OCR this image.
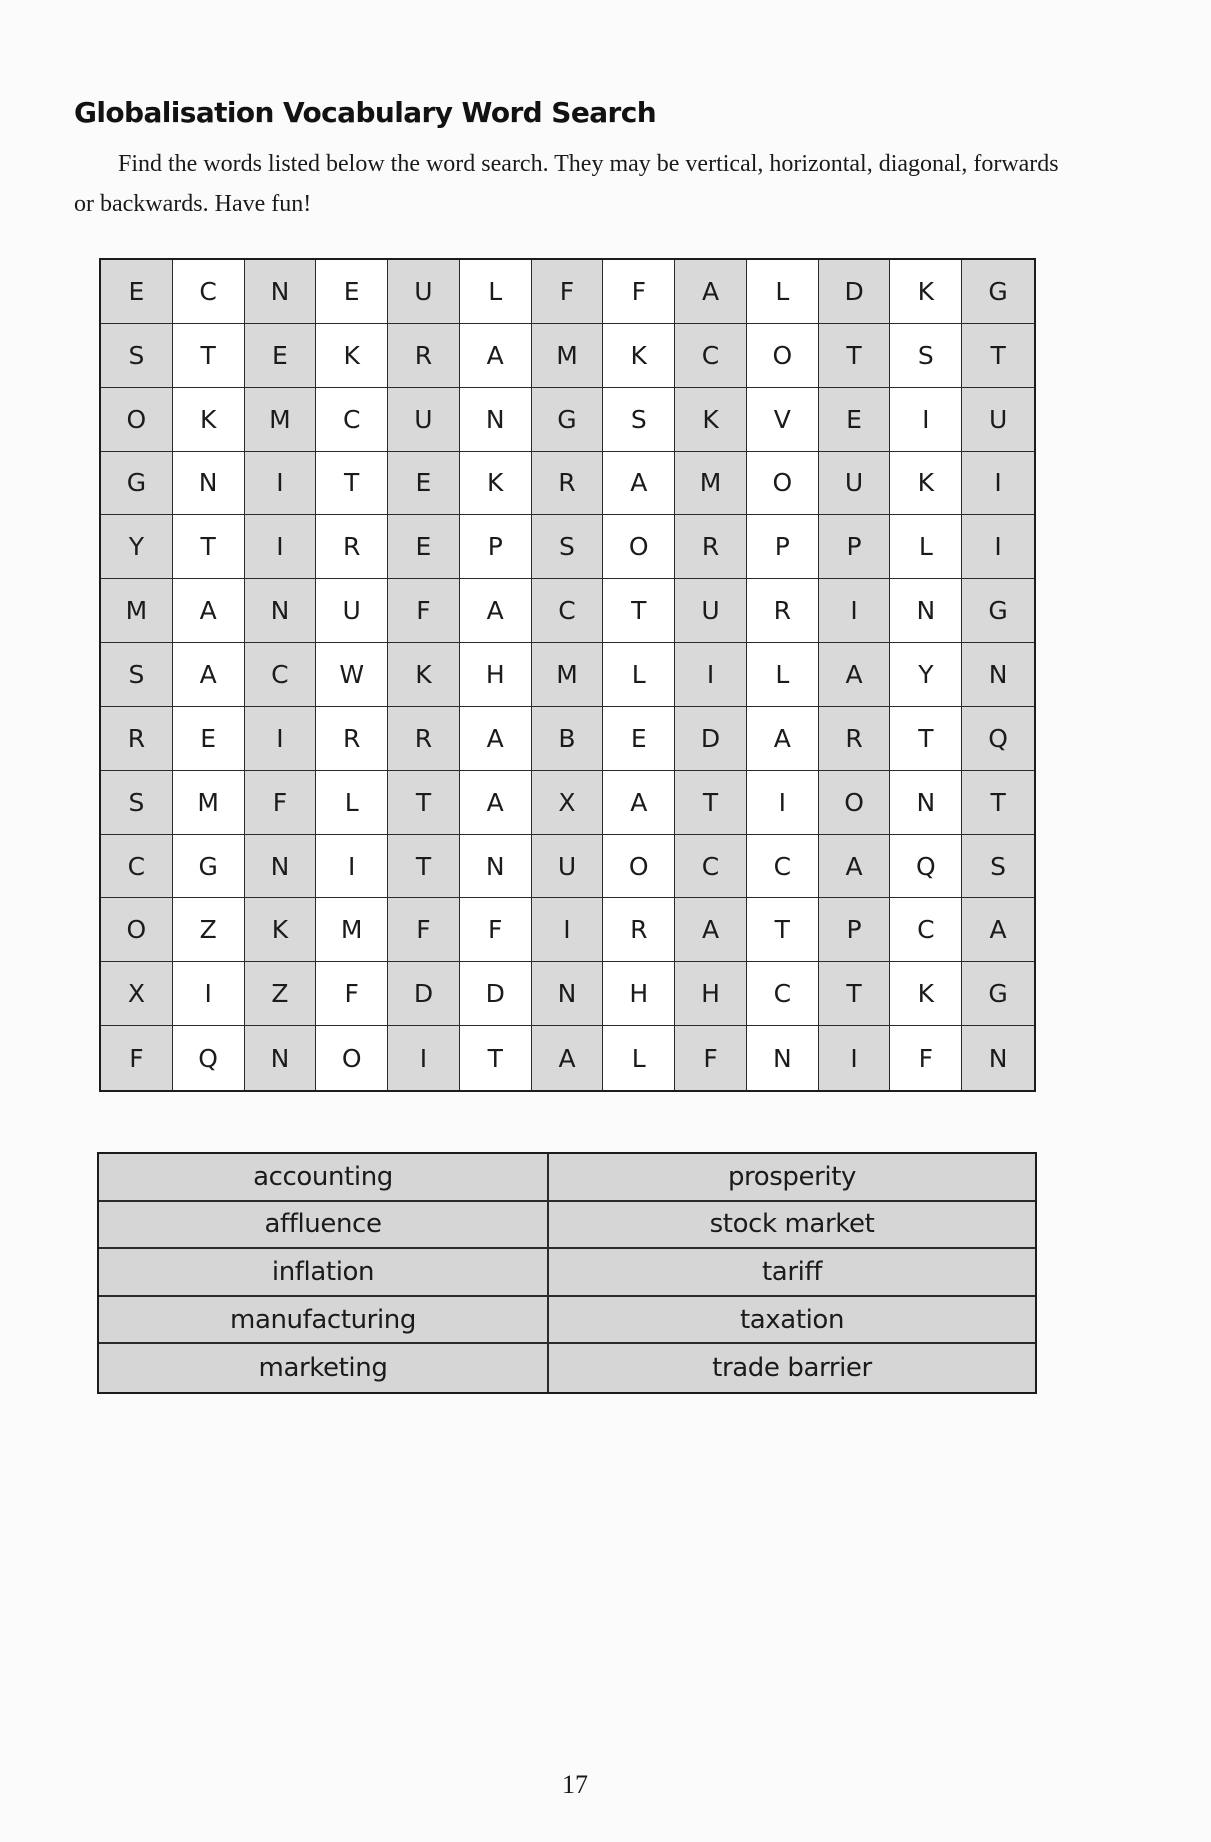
Globalisation Vocabulary Word Search

Find the words listed below the word search. They may be vertical, horizontal, diagonal, forwards or backwards. Have fun!

E	C	N	E	U	L	F	F	A	L	D	K	G
S	T	E	K	R	A	M	K	C	O	T	S	T
O	K	M	C	U	N	G	S	K	V	E	I	U
G	N	I	T	E	K	R	A	M	O	U	K	I
Y	T	I	R	E	P	S	O	R	P	P	L	I
M	A	N	U	F	A	C	T	U	R	I	N	G
S	A	C	W	K	H	M	L	I	L	A	Y	N
R	E	I	R	R	A	B	E	D	A	R	T	Q
S	M	F	L	T	A	X	A	T	I	O	N	T
C	G	N	I	T	N	U	O	C	C	A	Q	S
O	Z	K	M	F	F	I	R	A	T	P	C	A
X	I	Z	F	D	D	N	H	H	C	T	K	G
F	Q	N	O	I	T	A	L	F	N	I	F	N
accounting	prosperity
affluence	stock market
inflation	tariff
manufacturing	taxation
marketing	trade barrier
17
